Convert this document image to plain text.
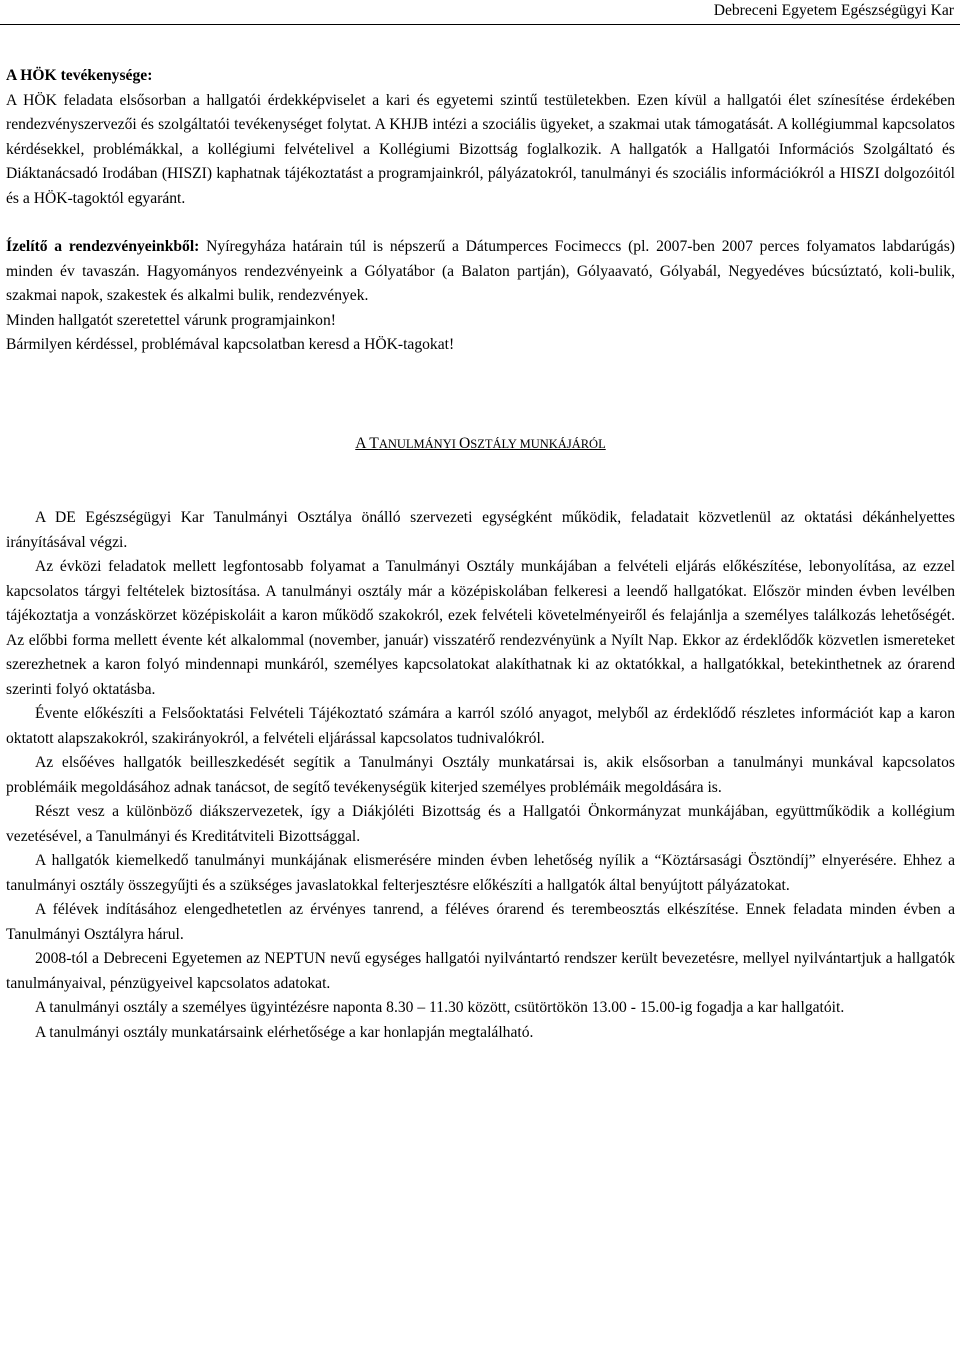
Debreceni Egyetem Egészségügyi Kar

A HÖK tevékenysége:

A HÖK feladata elsősorban a hallgatói érdekképviselet a kari és egyetemi szintű testületekben. Ezen kívül a hallgatói élet színesítése érdekében rendezvényszervezői és szolgáltatói tevékenységet folytat. A KHJB intézi a szociális ügyeket, a szakmai utak támogatását. A kollégiummal kapcsolatos kérdésekkel, problémákkal, a kollégiumi felvételivel a Kollégiumi Bizottság foglalkozik. A hallgatók a Hallgatói Információs Szolgáltató és Diáktanácsadó Irodában (HISZI) kaphatnak tájékoztatást a programjainkról, pályázatokról, tanulmányi és szociális információkról a HISZI dolgozóitól és a HÖK-tagoktól egyaránt.

Ízelítő a rendezvényeinkből: Nyíregyháza határain túl is népszerű a Dátumperces Focimeccs (pl. 2007-ben 2007 perces folyamatos labdarúgás) minden év tavaszán. Hagyományos rendezvényeink a Gólyatábor (a Balaton partján), Gólyaavató, Gólyabál, Negyedéves búcsúztató, koli-bulik, szakmai napok, szakestek és alkalmi bulik, rendezvények.

Minden hallgatót szeretettel várunk programjainkon!

Bármilyen kérdéssel, problémával kapcsolatban keresd a HÖK-tagokat!

A TANULMÁNYI OSZTÁLY MUNKÁJÁRÓL

A DE Egészségügyi Kar Tanulmányi Osztálya önálló szervezeti egységként működik, feladatait közvetlenül az oktatási dékánhelyettes irányításával végzi.

Az évközi feladatok mellett legfontosabb folyamat a Tanulmányi Osztály munkájában a felvételi eljárás előkészítése, lebonyolítása, az ezzel kapcsolatos tárgyi feltételek biztosítása. A tanulmányi osztály már a középiskolában felkeresi a leendő hallgatókat. Először minden évben levélben tájékoztatja a vonzáskörzet középiskoláit a karon működő szakokról, ezek felvételi követelményeiről és felajánlja a személyes találkozás lehetőségét. Az előbbi forma mellett évente két alkalommal (november, január) visszatérő rendezvényünk a Nyílt Nap. Ekkor az érdeklődők közvetlen ismereteket szerezhetnek a karon folyó mindennapi munkáról, személyes kapcsolatokat alakíthatnak ki az oktatókkal, a hallgatókkal, betekinthetnek az órarend szerinti folyó oktatásba.

Évente előkészíti a Felsőoktatási Felvételi Tájékoztató számára a karról szóló anyagot, melyből az érdeklődő részletes információt kap a karon oktatott alapszakokról, szakirányokról, a felvételi eljárással kapcsolatos tudnivalókról.

Az elsőéves hallgatók beilleszkedését segítik a Tanulmányi Osztály munkatársai is, akik elsősorban a tanulmányi munkával kapcsolatos problémáik megoldásához adnak tanácsot, de segítő tevékenységük kiterjed személyes problémáik megoldására is.

Részt vesz a különböző diákszervezetek, így a Diákjóléti Bizottság és a Hallgatói Önkormányzat munkájában, együttműködik a kollégium vezetésével, a Tanulmányi és Kreditátviteli Bizottsággal.

A hallgatók kiemelkedő tanulmányi munkájának elismerésére minden évben lehetőség nyílik a “Köztársasági Ösztöndíj” elnyerésére. Ehhez a tanulmányi osztály összegyűjti és a szükséges javaslatokkal felterjesztésre előkészíti a hallgatók által benyújtott pályázatokat.

A félévek indításához elengedhetetlen az érvényes tanrend, a féléves órarend és terembeosztás elkészítése. Ennek feladata minden évben a Tanulmányi Osztályra hárul.

2008-tól a Debreceni Egyetemen az NEPTUN nevű egységes hallgatói nyilvántartó rendszer került bevezetésre, mellyel nyilvántartjuk a hallgatók tanulmányaival, pénzügyeivel kapcsolatos adatokat.

A tanulmányi osztály a személyes ügyintézésre naponta 8.30 – 11.30 között, csütörtökön 13.00 - 15.00-ig fogadja a kar hallgatóit.

A tanulmányi osztály munkatársaink elérhetősége a kar honlapján megtalálható.
